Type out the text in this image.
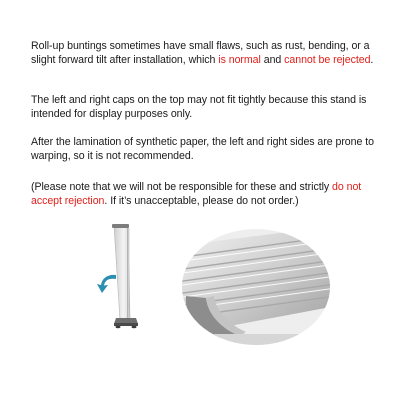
Roll-up buntings sometimes have small flaws, such as rust, bending, or a slight forward tilt after installation, which is normal and cannot be rejected.

The left and right caps on the top may not fit tightly because this stand is intended for display purposes only.

After the lamination of synthetic paper, the left and right sides are prone to warping, so it is not recommended.

(Please note that we will not be responsible for these and strictly do not accept rejection. If it’s unacceptable, please do not order.)
